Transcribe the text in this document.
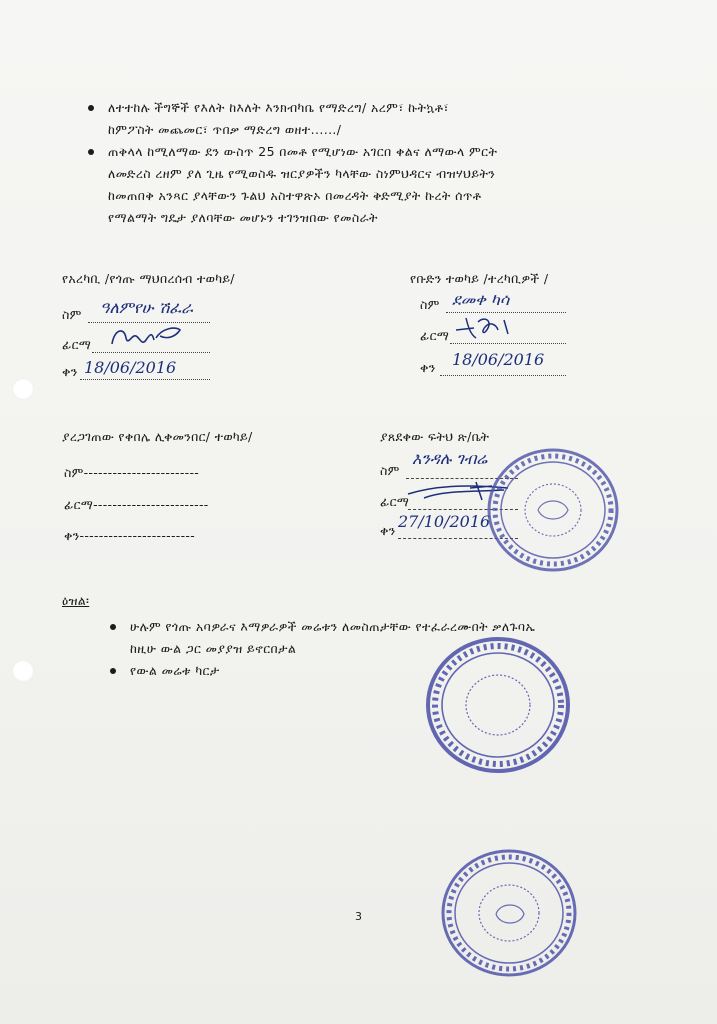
ለተተከሉ ችግኞች የእለት ከእለት እንክብካቤ የማድረግ/ አረም፣ ኩትኳቶ፣
ከምፖስት መጨመር፣ ጥበቃ ማድረግ ወዘተ....../
ጠቅላላ ከሚለማው ደን ውስጥ 25 በመቶ የሚሆነው አገርበ ቀልና ለማውላ ምርት
ለመድረስ ረዘም ያለ ጊዜ የሚወስዱ ዝርያዎችን ካላቸው ስነምህዳርና ብዝሃህይትን
ከመጠበቅ አንጻር ያላቸውን ጉልህ አስተዋጽኦ በመረዳት ቅድሚያት ኩረት ሰጥቶ
የማልማት ግዴታ ያለባቸው መሆኑን ተገንዝበው የመስራት
የአረካቢ /የጎጡ ማህበረሰብ ተወካይ/
ስም ዓለምየሁ ሽፈራ
ፊርማ
ቀን 18/06/2016
የቡድን ተወካይ /ተረካቢዎች /
ስም ደመቀ ካሳ
ፊርማ
ቀን 18/06/2016
ያረጋገጠው የቀበሌ ሊቀመንበር/ ተወካይ/
ስም------------------------
ፊርማ------------------------
ቀን------------------------
ያጸደቀው ፍትህ ጽ/ቤት
ስም
እንዳሉ ገብሬ
ፊርማ
ቀን 27/10/2016
ዕዝል፡
ሁሉም የጎጡ አባዎራና እማዎራዎች መሬቱን ለመስጠታቸው የተፈራረሙበት ቃለጉባኤ
ከዚሁ ውል ጋር መያያዝ ይኖርበታል
የውል መሬቱ ካርታ
3
